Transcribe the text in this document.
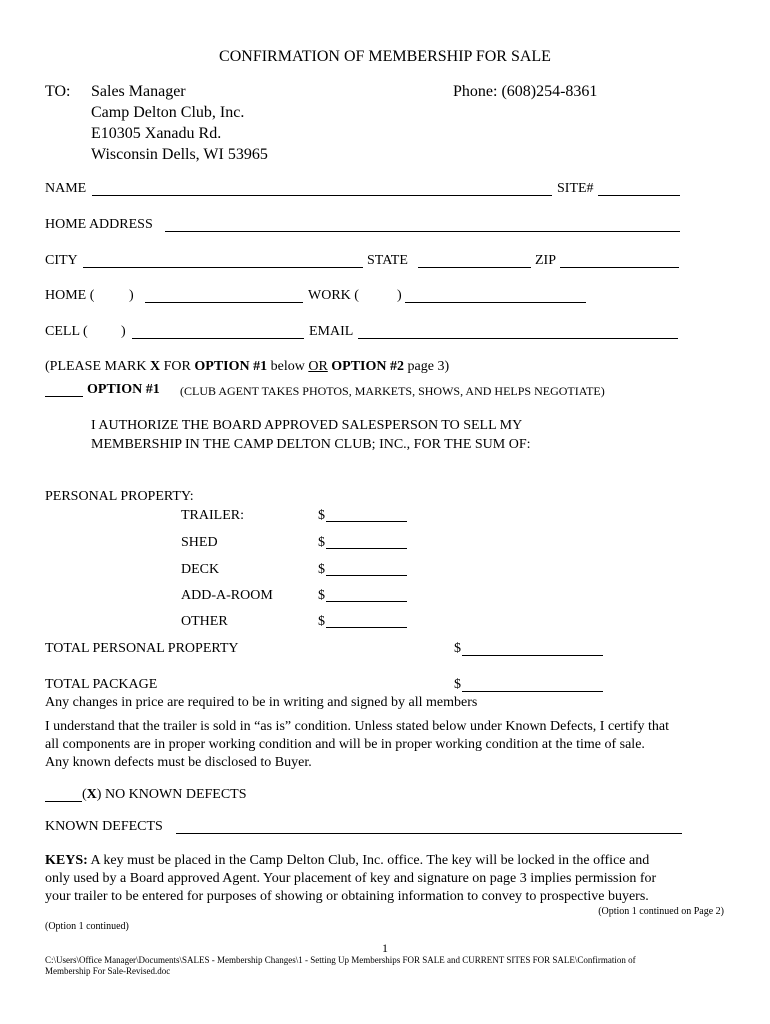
CONFIRMATION OF MEMBERSHIP FOR SALE
TO: Sales Manager
Camp Delton Club, Inc.
E10305 Xanadu Rd.
Wisconsin Dells, WI 53965
Phone: (608)254-8361
NAME	SITE#
HOME ADDRESS
CITY	STATE	ZIP
HOME ( )	WORK (	)
CELL ( )	EMAIL
(PLEASE MARK X FOR OPTION #1 below OR OPTION #2 page 3)
OPTION #1 (CLUB AGENT TAKES PHOTOS, MARKETS, SHOWS, AND HELPS NEGOTIATE)
I AUTHORIZE THE BOARD APPROVED SALESPERSON TO SELL MY
MEMBERSHIP IN THE CAMP DELTON CLUB; INC., FOR THE SUM OF:
PERSONAL PROPERTY:
TRAILER:	$
SHED	$
DECK	$
ADD-A-ROOM	$
OTHER	$
TOTAL PERSONAL PROPERTY	$
TOTAL PACKAGE	$
Any changes in price are required to be in writing and signed by all members
I understand that the trailer is sold in “as is” condition. Unless stated below under Known Defects, I certify that
all components are in proper working condition and will be in proper working condition at the time of sale.
Any known defects must be disclosed to Buyer.
(X) NO KNOWN DEFECTS
KNOWN DEFECTS
KEYS: A key must be placed in the Camp Delton Club, Inc. office. The key will be locked in the office and
only used by a Board approved Agent. Your placement of key and signature on page 3 implies permission for
your trailer to be entered for purposes of showing or obtaining information to convey to prospective buyers.
(Option 1 continued on Page 2)
(Option 1 continued)
1
C:\Users\Office Manager\Documents\SALES - Membership Changes\1 - Setting Up Memberships FOR SALE and CURRENT SITES FOR SALE\Confirmation of
Membership For Sale-Revised.doc
